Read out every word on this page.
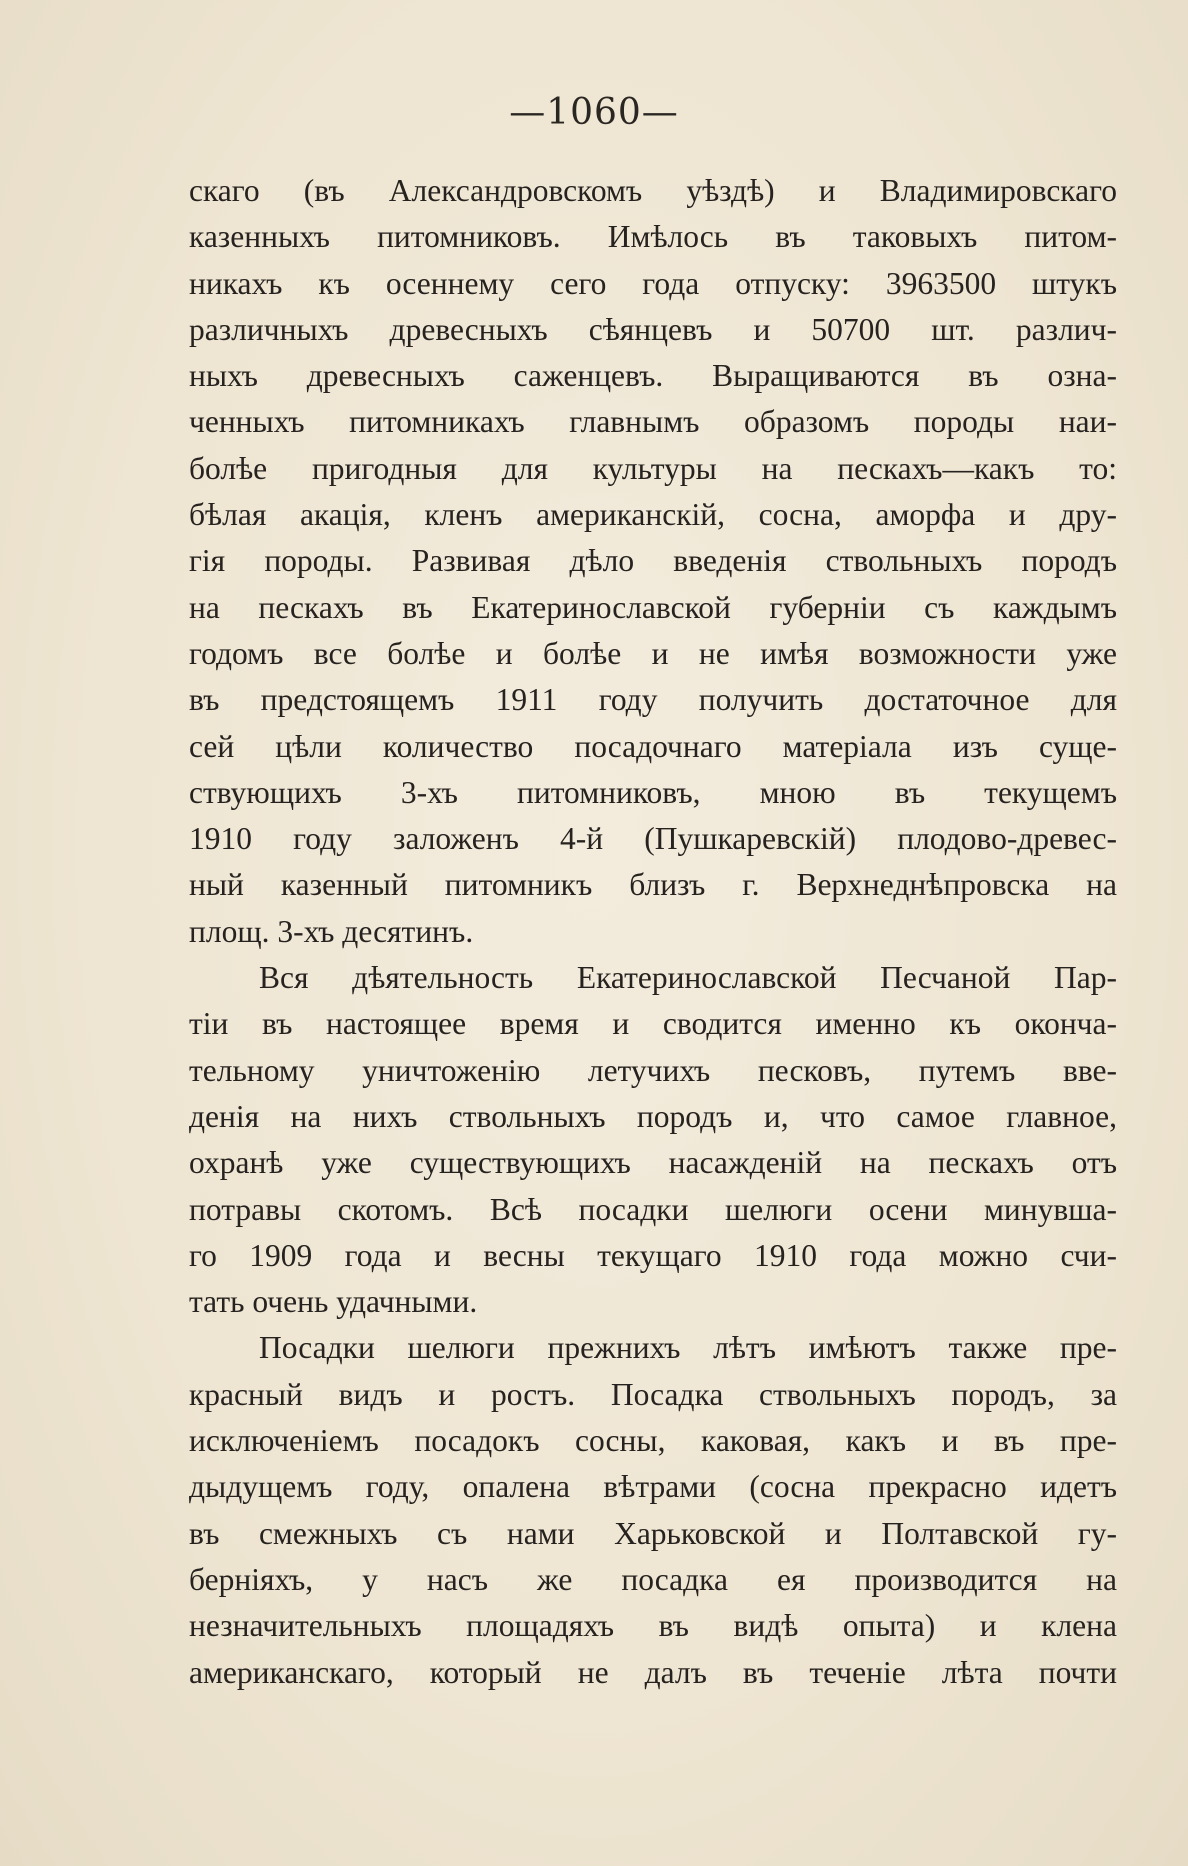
—1060—
скаго (въ Александровскомъ уѣздѣ) и Владимировскаго
казенныхъ питомниковъ. Имѣлось въ таковыхъ питом-
никахъ къ осеннему сего года отпуску: 3963500 штукъ
различныхъ древесныхъ сѣянцевъ и 50700 шт. различ-
ныхъ древесныхъ саженцевъ. Выращиваются въ озна-
ченныхъ питомникахъ главнымъ образомъ породы наи-
болѣе пригодныя для культуры на пескахъ—какъ то:
бѣлая акація, кленъ американскій, сосна, аморфа и дру-
гія породы. Развивая дѣло введенія ствольныхъ породъ
на пескахъ въ Екатеринославской губерніи съ каждымъ
годомъ все болѣе и болѣе и не имѣя возможности уже
въ предстоящемъ 1911 году получить достаточное для
сей цѣли количество посадочнаго матеріала изъ суще-
ствующихъ 3-хъ питомниковъ, мною въ текущемъ
1910 году заложенъ 4-й (Пушкаревскій) плодово-древес-
ный казенный питомникъ близъ г. Верхнеднѣпровска на
площ. 3-хъ десятинъ.
Вся дѣятельность Екатеринославской Песчаной Пар-
тіи въ настоящее время и сводится именно къ оконча-
тельному уничтоженію летучихъ песковъ, путемъ вве-
денія на нихъ ствольныхъ породъ и, что самое главное,
охранѣ уже существующихъ насажденій на пескахъ отъ
потравы скотомъ. Всѣ посадки шелюги осени минувша-
го 1909 года и весны текущаго 1910 года можно счи-
тать очень удачными.
Посадки шелюги прежнихъ лѣтъ имѣютъ также пре-
красный видъ и ростъ. Посадка ствольныхъ породъ, за
исключеніемъ посадокъ сосны, каковая, какъ и въ пре-
дыдущемъ году, опалена вѣтрами (сосна прекрасно идетъ
въ смежныхъ съ нами Харьковской и Полтавской гу-
берніяхъ, у насъ же посадка ея производится на
незначительныхъ площадяхъ въ видѣ опыта) и клена
американскаго, который не далъ въ теченіе лѣта почти
